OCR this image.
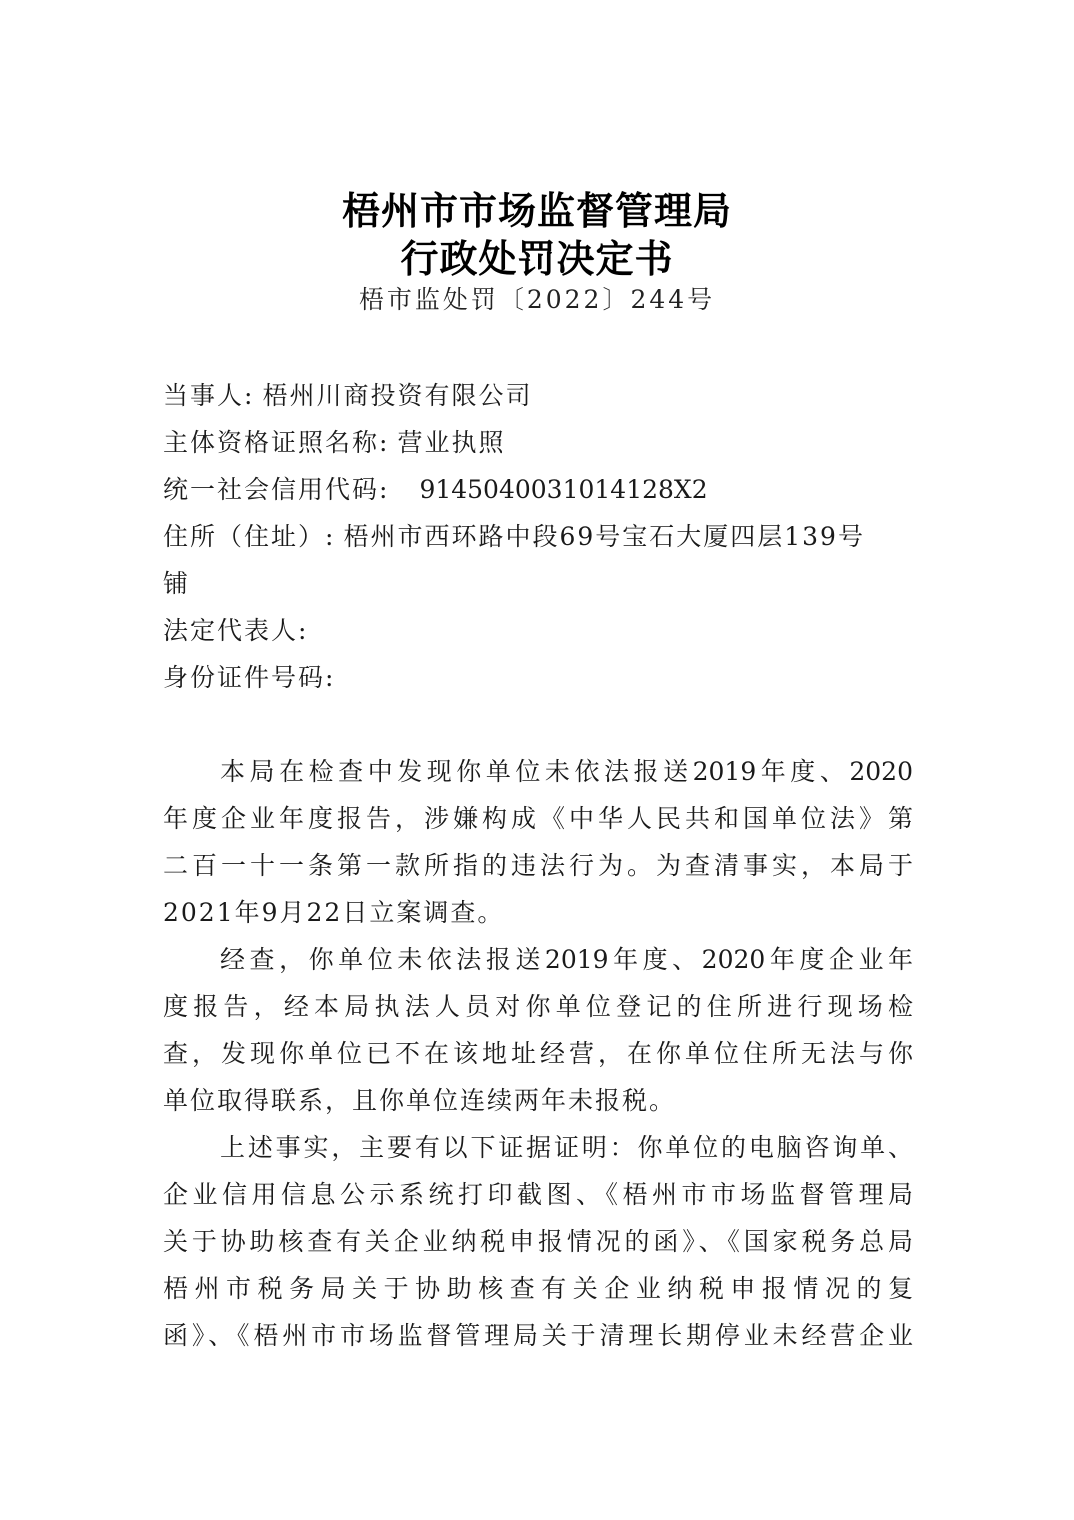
梧州市市场监督管理局
行政处罚决定书
梧市监处罚〔2022〕244号
当事人: 梧州川商投资有限公司
主体资格证照名称: 营业执照
统一社会信用代码: 9145040031014128X2
住所（住址）: 梧州市西环路中段69号宝石大厦四层139号
铺
法定代表人:
身份证件号码:
本局在检查中发现你单位未依法报送2019年度、2020
年度企业年度报告，涉嫌构成《中华人民共和国单位法》第
二百一十一条第一款所指的违法行为。为查清事实，本局于
2021年9月22日立案调查。
经查，你单位未依法报送2019年度、2020年度企业年
度报告，经本局执法人员对你单位登记的住所进行现场检
查，发现你单位已不在该地址经营，在你单位住所无法与你
单位取得联系，且你单位连续两年未报税。
上述事实，主要有以下证据证明：你单位的电脑咨询单、
企业信用信息公示系统打印截图、《梧州市市场监督管理局
关于协助核查有关企业纳税申报情况的函》、《国家税务总局
梧州市税务局关于协助核查有关企业纳税申报情况的复
函》、《梧州市市场监督管理局关于清理长期停业未经营企业
